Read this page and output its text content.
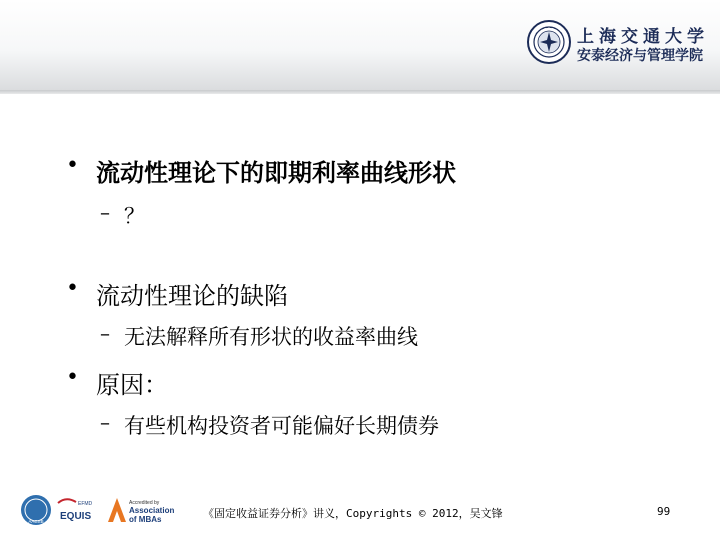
上海交通大学
安泰经济与管理学院
• 流动性理论下的即期利率曲线形状
– ？
• 流动性理论的缺陷
– 无法解释所有形状的收益率曲线
• 原因：
– 有些机构投资者可能偏好长期债券
AACSB
EFMD
EQUIS
Accredited by
Association
of MBAs	《固定收益证券分析》讲义，Copyrights © 2012，吴文锋	99
